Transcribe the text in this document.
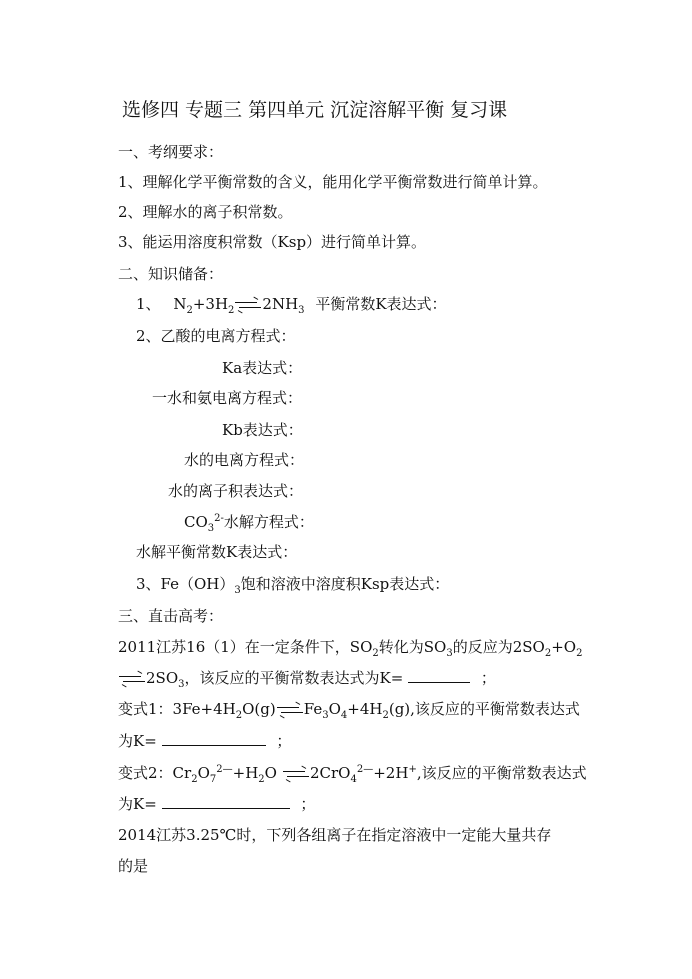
选修四 专题三 第四单元 沉淀溶解平衡 复习课
一、考纲要求：
1、理解化学平衡常数的含义，能用化学平衡常数进行简单计算。
2、理解水的离子积常数。
3、能运用溶度积常数（Ksp）进行简单计算。
二、知识储备：
1、 $N_2+3H_2$ $2NH_3$ 平衡常数K表达式：
2、乙酸的电离方程式：
Ka表达式：
一水和氨电离方程式：
Kb表达式：
水的电离方程式：
水的离子积表达式：
$CO_3^{2-}$水解方程式：
水解平衡常数K表达式：
3、$Fe(OH)_3$饱和溶液中溶度积Ksp表达式：
三、直击高考：
2011江苏16（1）在一定条件下，$SO_2$转化为$SO_3$的反应为$2SO_2+O_2$
$2SO_3$，该反应的平衡常数表达式为K=	；
变式1：$3Fe+4H_2O(g)$ $Fe_3O_4+4H_2(g)$,该反应的平衡常数表达式
为K=	；
变式2：$Cr_2O_7^{2—}+H_2O$ 2CrO$_4^{2—}$+2H+,该反应的平衡常数表达式
为K=	；
2014江苏3.25℃时，下列各组离子在指定溶液中一定能大量共存
的是
